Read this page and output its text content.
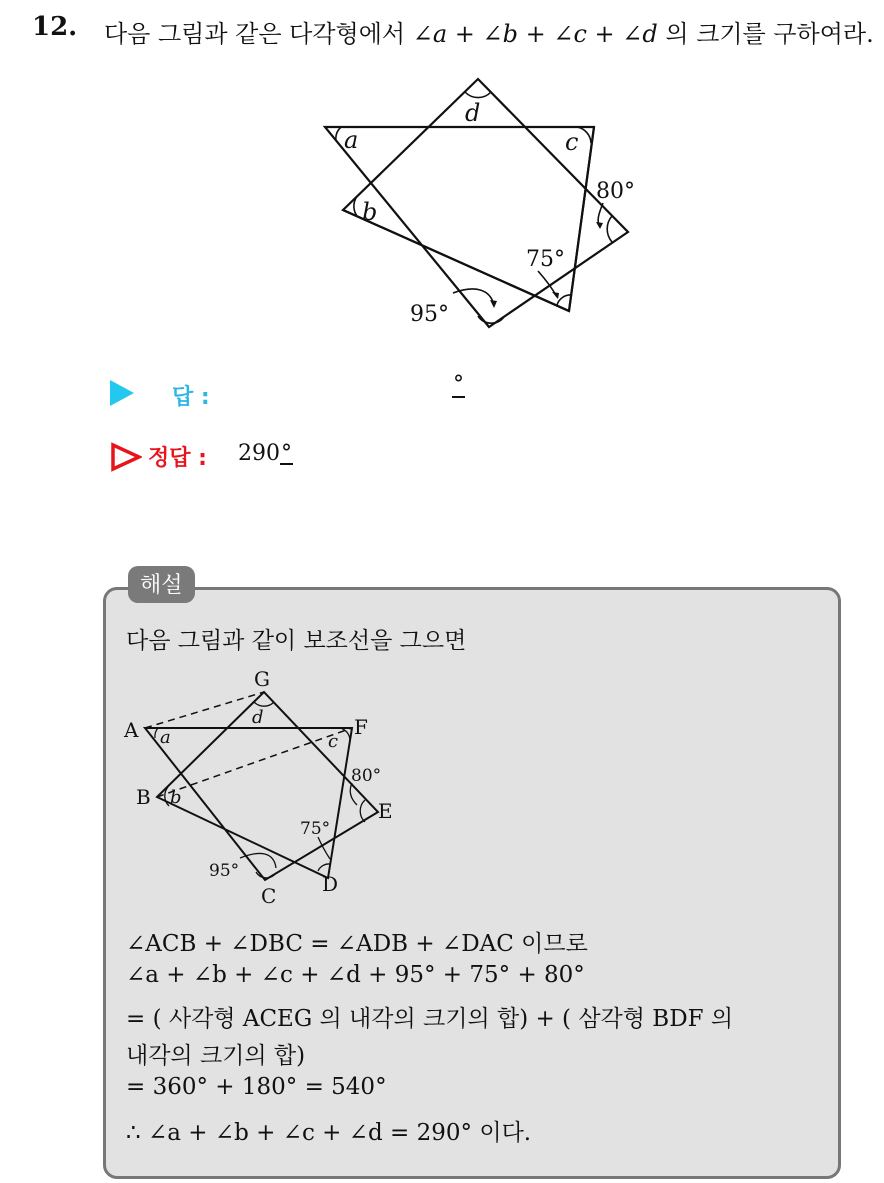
12. 다음 그림과 같은 다각형에서 ∠a + ∠b + ∠c + ∠d 의 크기를 구하여라.
a
d
c
b
80°
75°
95°
답 :
°
정답 : 290°
해설
다음 그림과 같이 보조선을 그으면
A
B
C D
E
F
G
a
d
c
b
80°
75°
95°
∠ACB + ∠DBC = ∠ADB + ∠DAC 이므로
∠a + ∠b + ∠c + ∠d + 95° + 75° + 80°
= ( 사각형 ACEG 의 내각의 크기의 합) + ( 삼각형 BDF 의
내각의 크기의 합)
= 360° + 180° = 540°
∴ ∠a + ∠b + ∠c + ∠d = 290° 이다.
